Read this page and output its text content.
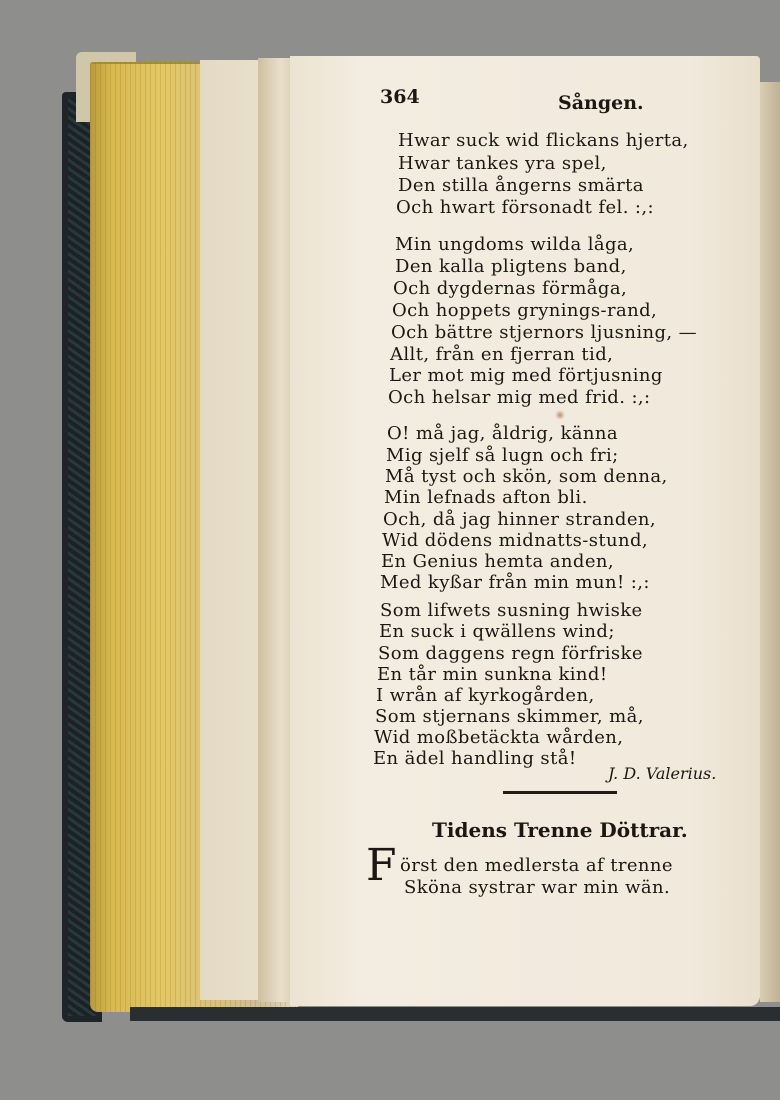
364	Sången.
Hwar suck wid flickans hjerta,
Hwar tankes yra spel,
Den stilla ångerns smärta
Och hwart försonadt fel. :,:
Min ungdoms wilda låga,
Den kalla pligtens band,
Och dygdernas förmåga,
Och hoppets grynings-rand,
Och bättre stjernors ljusning, —
Allt, från en fjerran tid,
Ler mot mig med förtjusning
Och helsar mig med frid. :,:
O! må jag, åldrig, känna
Mig sjelf så lugn och fri;
Må tyst och skön, som denna,
Min lefnads afton bli.
Och, då jag hinner stranden,
Wid dödens midnatts-stund,
En Genius hemta anden,
Med kyßar från min mun! :,:
Som lifwets susning hwiske
En suck i qwällens wind;
Som daggens regn förfriske
En tår min sunkna kind!
I wrån af kyrkogården,
Som stjernans skimmer, må,
Wid moßbetäckta wården,
En ädel handling stå!
J. D. Valerius.
Tidens Trenne Döttrar.
F örst den medlersta af trenne
Sköna systrar war min wän.
